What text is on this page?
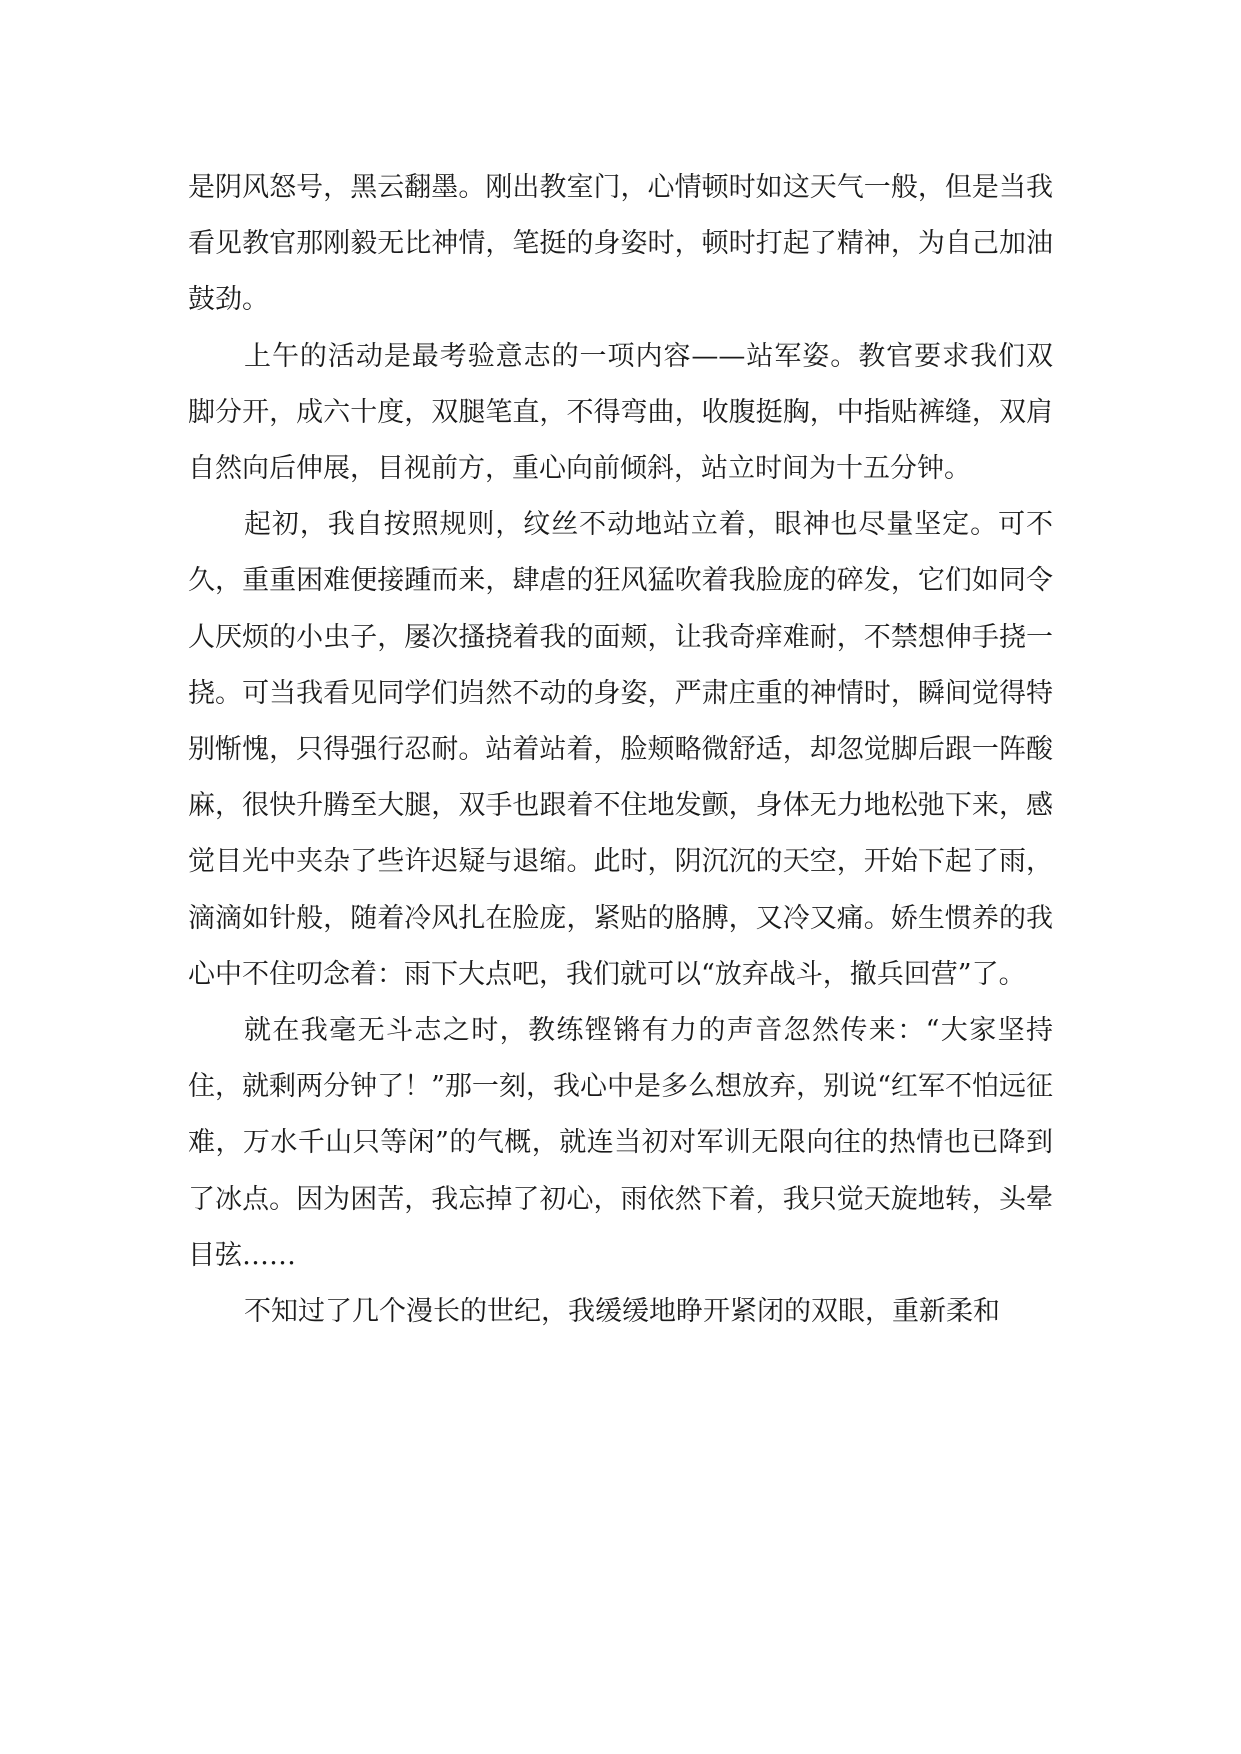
是阴风怒号，黑云翻墨。刚出教室门，心情顿时如这天气一般，但是当我看见教官那刚毅无比神情，笔挺的身姿时，顿时打起了精神，为自己加油鼓劲。

上午的活动是最考验意志的一项内容——站军姿。教官要求我们双脚分开，成六十度，双腿笔直，不得弯曲，收腹挺胸，中指贴裤缝，双肩自然向后伸展，目视前方，重心向前倾斜，站立时间为十五分钟。

起初，我自按照规则，纹丝不动地站立着，眼神也尽量坚定。可不久，重重困难便接踵而来，肆虐的狂风猛吹着我脸庞的碎发，它们如同令人厌烦的小虫子，屡次搔挠着我的面颊，让我奇痒难耐，不禁想伸手挠一挠。可当我看见同学们岿然不动的身姿，严肃庄重的神情时，瞬间觉得特别惭愧，只得强行忍耐。站着站着，脸颊略微舒适，却忽觉脚后跟一阵酸麻，很快升腾至大腿，双手也跟着不住地发颤，身体无力地松弛下来，感觉目光中夹杂了些许迟疑与退缩。此时，阴沉沉的天空，开始下起了雨，滴滴如针般，随着冷风扎在脸庞，紧贴的胳膊，又冷又痛。娇生惯养的我心中不住叨念着：雨下大点吧，我们就可以“放弃战斗，撤兵回营”了。

就在我毫无斗志之时，教练铿锵有力的声音忽然传来：“大家坚持住，就剩两分钟了！”那一刻，我心中是多么想放弃，别说“红军不怕远征难，万水千山只等闲”的气概，就连当初对军训无限向往的热情也已降到了冰点。因为困苦，我忘掉了初心，雨依然下着，我只觉天旋地转，头晕目弦……

不知过了几个漫长的世纪，我缓缓地睁开紧闭的双眼，重新柔和
